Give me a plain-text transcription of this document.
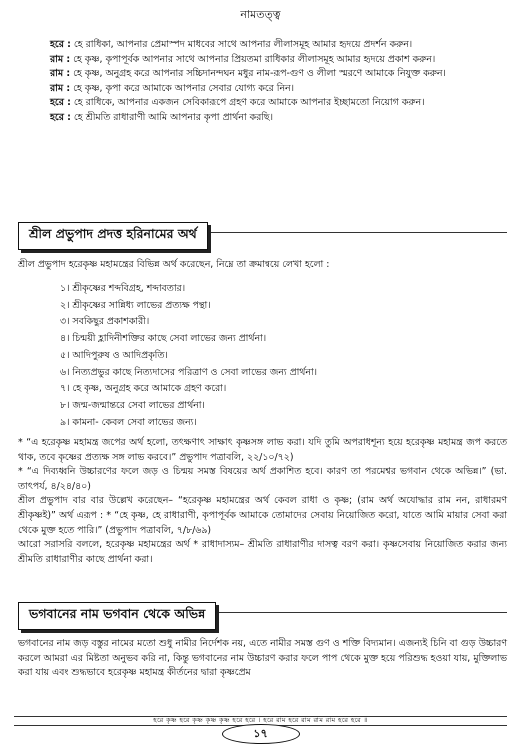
নামতত্ত্ব

হরে : হে রাধিকা, আপনার প্রেমাস্পদ মাধবের সাথে আপনার লীলাসমূহ আমার হৃদয়ে প্রদর্শন করুন।

রাম : হে কৃষ্ণ, কৃপাপূর্বক আপনার সাথে আপনার প্রিয়তমা রাধিকার লীলাসমূহ আমার হৃদয়ে প্রকাশ করুন।

রাম : হে কৃষ্ণ, অনুগ্রহ করে আপনার সচ্চিদানন্দঘন মধুর নাম-রূপ-গুণ ও লীলা স্মরণে আমাকে নিযুক্ত করুন।

রাম : হে কৃষ্ণ, কৃপা করে আমাকে আপনার সেবার যোগ্য করে নিন।

হরে : হে রাধিকে, আপনার একজন সেবিকারূপে গ্রহণ করে আমাকে আপনার ইচ্ছামতো নিয়োগ করুন।

হরে : হে শ্রীমতি রাধারাণী আমি আপনার কৃপা প্রার্থনা করছি।

শ্রীল প্রভুপাদ প্রদত্ত হরিনামের অর্থ
শ্রীল প্রভুপাদ হরেকৃষ্ণ মহামন্ত্রের বিভিন্ন অর্থ করেছেন, নিম্নে তা ক্রমান্বয়ে লেখা হলো :
১। শ্রীকৃষ্ণের শব্দবিগ্রহ, শব্দাবতার।
২। শ্রীকৃষ্ণের সান্নিধ্য লাভের প্রত্যক্ষ পন্থা।
৩। সবকিছুর প্রকাশকারী।
৪। চিন্ময়ী হ্লাদিনীশক্তির কাছে সেবা লাভের জন্য প্রার্থনা।
৫। আদিপুরুষ ও আদিপ্রকৃতি।
৬। নিত্যপ্রভুর কাছে নিত্যদাসের পরিত্রাণ ও সেবা লাভের জন্য প্রার্থনা।
৭। হে কৃষ্ণ, অনুগ্রহ করে আমাকে গ্রহণ করো।
৮। জন্ম-জন্মান্তরে সেবা লাভের প্রার্থনা।
৯। কামনা- কেবল সেবা লাভের জন্য।

* “এ হরেকৃষ্ণ মহামন্ত্র জপের অর্থ হলো, তৎক্ষণাৎ সাক্ষাৎ কৃষ্ণসঙ্গ লাভ করা। যদি তুমি অপরাধশূন্য হয়ে হরেকৃষ্ণ মহামন্ত্র জপ করতে থাক, তবে কৃষ্ণের প্রত্যক্ষ সঙ্গ লাভ করবে।” প্রভুপাদ পত্রাবলি, ২২/১০/৭২)

* “এ দিব্যধ্বনি উচ্চারণের ফলে জড় ও চিন্ময় সমস্ত বিষয়ের অর্থ প্রকাশিত হবে। কারণ তা পরমেশ্বর ভগবান থেকে অভিন্ন।” (ভা. তাৎপর্য, ৪/২৪/৪০)

শ্রীল প্রভুপাদ বার বার উল্লেখ করেছেন– “হরেকৃষ্ণ মহামন্ত্রের অর্থ কেবল রাধা ও কৃষ্ণ; (রাম অর্থ অযোদ্ধার রাম নন, রাধারমণ শ্রীকৃষ্ণই)” অর্থ এরূপ : * “হে কৃষ্ণ, হে রাধারাণী, কৃপাপূর্বক আমাকে তোমাদের সেবায় নিয়োজিত করো, যাতে আমি মায়ার সেবা করা থেকে মুক্ত হতে পারি।” (প্রভুপাদ পত্রাবলি, ৭/৮/৬৯)

আরো সরাসরি বললে, হরেকৃষ্ণ মহামন্ত্রের অর্থ * রাধাদাস্যম– শ্রীমতি রাধারাণীর দাসত্ব বরণ করা। কৃষ্ণসেবায় নিয়োজিত করার জন্য শ্রীমতি রাধারাণীর কাছে প্রার্থনা করা।

ভগবানের নাম ভগবান থেকে অভিন্ন
ভগবানের নাম জড় বস্তুর নামের মতো শুধু নামীর নির্দেশক নয়, এতে নামীর সমস্ত গুণ ও শক্তি বিদ্যমান। এজন্যই চিনি বা গুড় উচ্চারণ করলে আমরা এর মিষ্টতা অনুভব করি না, কিন্তু ভগবানের নাম উচ্চারণ করার ফলে পাপ থেকে মুক্ত হয়ে পরিশুদ্ধ হওয়া যায়, মুক্তিলাভ করা যায় এবং শুদ্ধভাবে হরেকৃষ্ণ মহামন্ত্র কীর্তনের দ্বারা কৃষ্ণপ্রেম
হরে কৃষ্ণ হরে কৃষ্ণ কৃষ্ণ কৃষ্ণ হরে হরে । হরে রাম হরে রাম রাম রাম হরে হরে ॥
১৭
